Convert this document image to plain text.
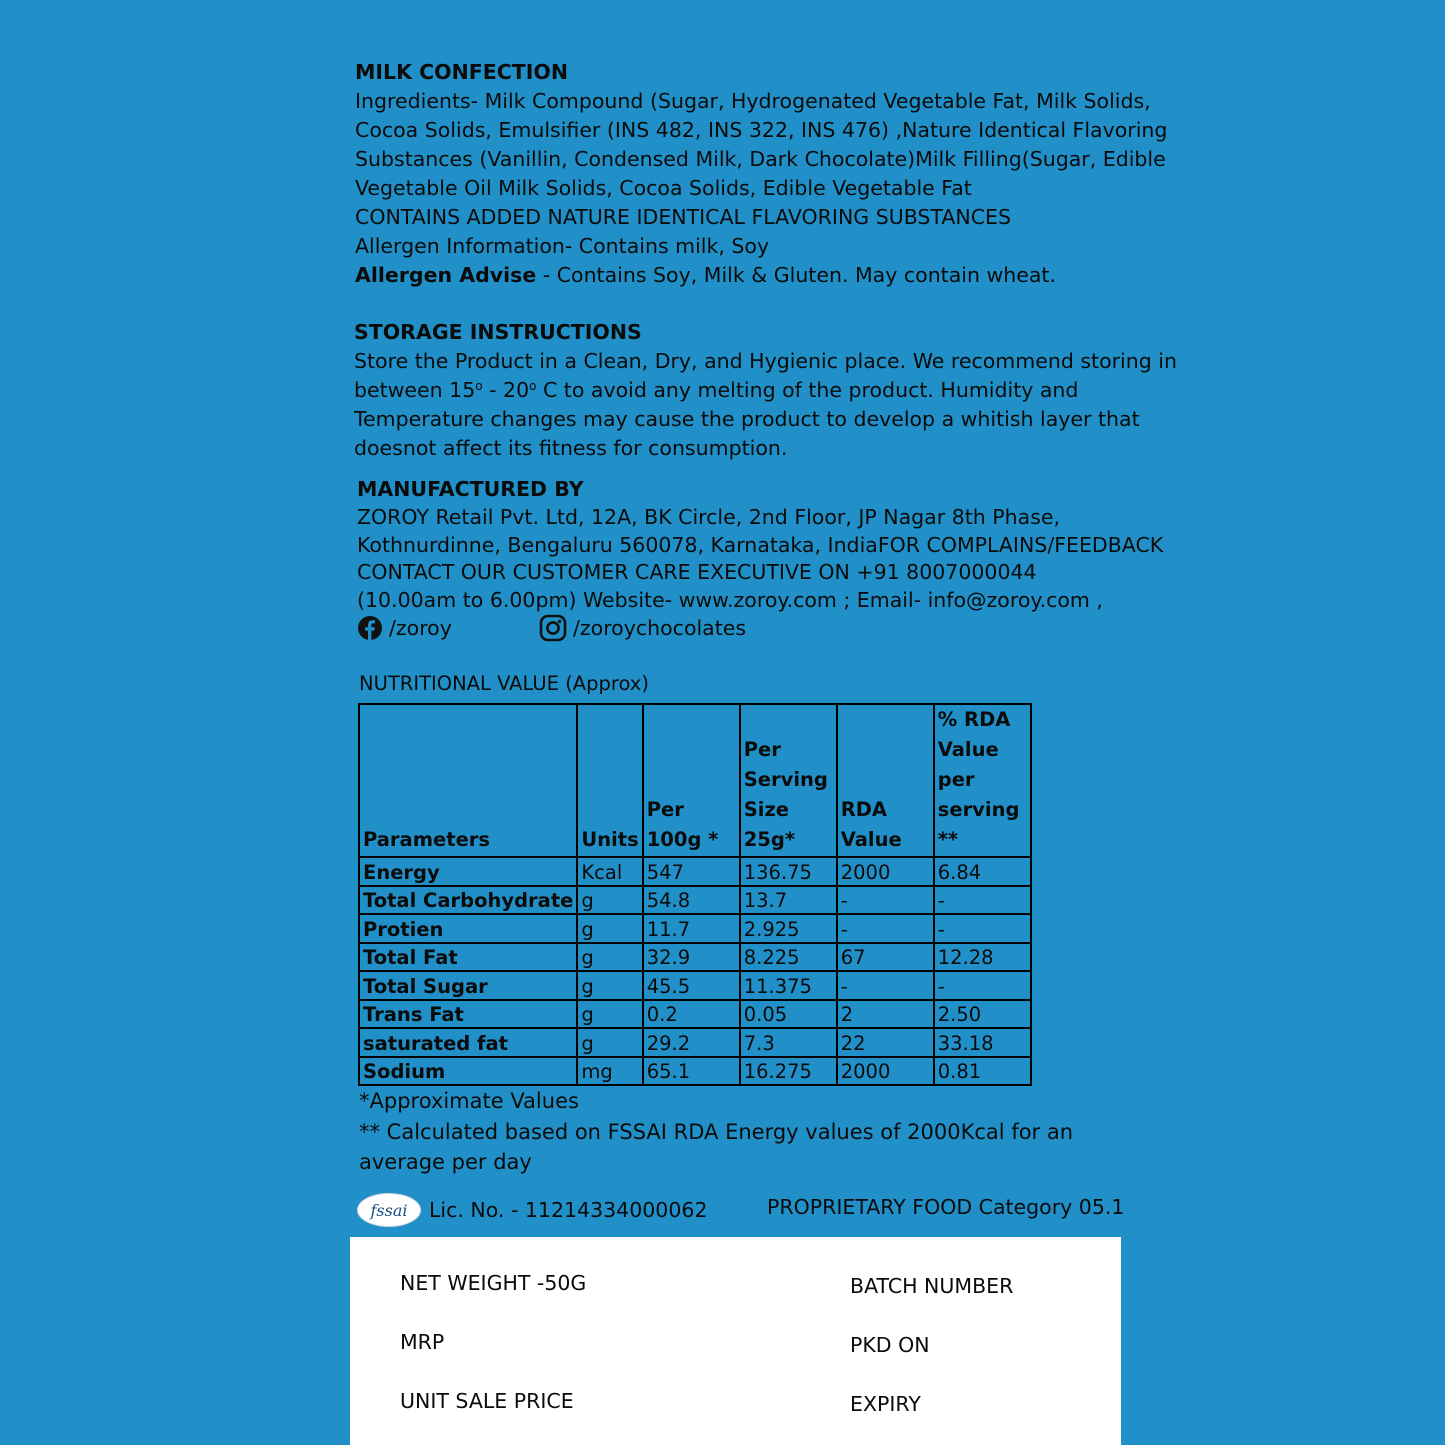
MILK CONFECTION
Ingredients- Milk Compound (Sugar, Hydrogenated Vegetable Fat, Milk Solids,
Cocoa Solids, Emulsifier (INS 482, INS 322, INS 476) ,Nature Identical Flavoring
Substances (Vanillin, Condensed Milk, Dark Chocolate)Milk Filling(Sugar, Edible
Vegetable Oil Milk Solids, Cocoa Solids, Edible Vegetable Fat
CONTAINS ADDED NATURE IDENTICAL FLAVORING SUBSTANCES
Allergen Information- Contains milk, Soy
Allergen Advise - Contains Soy, Milk & Gluten. May contain wheat.
STORAGE INSTRUCTIONS
Store the Product in a Clean, Dry, and Hygienic place. We recommend storing in
between 15$^o$ - 20$^o$ C to avoid any melting of the product. Humidity and
Temperature changes may cause the product to develop a whitish layer that
doesnot affect its fitness for consumption.
MANUFACTURED BY
ZOROY Retail Pvt. Ltd, 12A, BK Circle, 2nd Floor, JP Nagar 8th Phase,
Kothnurdinne, Bengaluru 560078, Karnataka, IndiaFOR COMPLAINS/FEEDBACK
CONTACT OUR CUSTOMER CARE EXECUTIVE ON +91 8007000044
(10.00am to 6.00pm) Website- www.zoroy.com ; Email- info@zoroy.com ,
/zoroy	/zoroychocolates
NUTRITIONAL VALUE (Approx)
Parameters	Units	Per 100g *	Per Serving Size 25g*	RDA Value	% RDA Value per serving **
Energy	Kcal	547	136.75	2000	6.84
Total Carbohydrate	g	54.8	13.7	-	-
Protien	g	11.7	2.925	-	-
Total Fat	g	32.9	8.225	67	12.28
Total Sugar	g	45.5	11.375	-	-
Trans Fat	g	0.2	0.05	2	2.50
saturated fat	g	29.2	7.3	22	33.18
Sodium	mg	65.1	16.275	2000	0.81
*Approximate Values
** Calculated based on FSSAI RDA Energy values of 2000Kcal for an
average per day
fssai Lic. No. - 11214334000062	PROPRIETARY FOOD Category 05.1
NET WEIGHT -50G
MRP
UNIT SALE PRICE
BATCH NUMBER
PKD ON
EXPIRY
